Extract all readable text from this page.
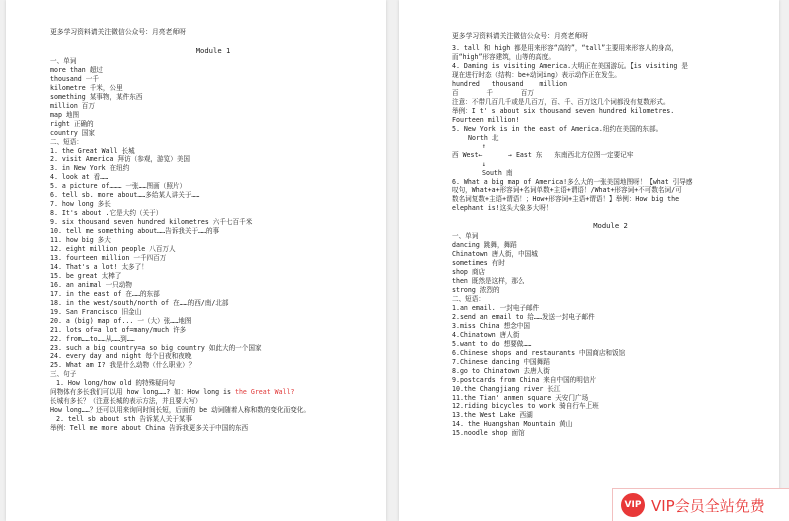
更多学习资料请关注微信公众号：月亮老师呀
Module 1
一、单词
more than 超过
thousand 一千
kilometre 千米，公里
something 某事物，某件东西
million 百万
map 地图
right 正确的
country 国家
二、短语：
1. the Great Wall 长城
2. visit America 拜访（参观，游览）美国
3. in New York 在纽约
4. look at 看……
5. a picture of……… 一张……图画（照片）
6. tell sb. more about……多给某人讲关于……
7. how long 多长
8. It's about .它是大约（关于）
9. six thousand seven hundred kilometres 六千七百千米
10. tell me something about……告诉我关于……的事
11. how big 多大
12. eight million people 八百万人
13. fourteen million 一千四百万
14. That's a lot! 太多了！
15. be great 太棒了
16. an animal 一只动物
17. in the east of 在……的东部
18. in the west/south/north of 在……的西/南/北部
19. San Francisco 旧金山
20. a (big) map of... 一（大）张……地图
21. lots of=a lot of=many/much 许多
22. from……to……从……到……
23. such a big country=a so big country 如此大的一个国家
24. every day and night 每个日夜和夜晚
25. What am I? 我是什么动物（什么职业）？
三、句子
1. How long/how old 的特殊疑问句
问物体有多长我们可以用 how long……? 如：How long is the Great Wall?
长城有多长？（注意长城的表示方法，并且要大写）
How long……？还可以用来询问时间长短，后面的 be 动词随着人称和数的变化而变化。
2. tell sb about sth 告诉某人关于某事
举例：Tell me more about China 告诉我更多关于中国的东西
更多学习资料请关注微信公众号：月亮老师呀
3. tall 和 high 都是用来形容“高的”，“tall”主要用来形容人的身高，
而“high”形容建筑，山等的高度。
4. Daming is visiting America.大明正在美国游玩。【is visiting 是
现在进行时态（结构：be+动词ing）表示动作正在发生。
hundred   thousand    million
百       千       百万
注意：不带几百几千或是几百万，百、千、百万这几个词都没有复数形式。
举例：I t' s about six thousand seven hundred kilometres.
Fourteen million!
5. New York is in the east of America.纽约在美国的东部。
North 北
↑
西 West←	→ East 东   东南西北方位图一定要记牢
↓
South 南
6. What a big map of America!多么大的一张美国地图呀！【what 引导感
叹句，What+a+形容词+名词单数+主语+谓语！/What+形容词+不可数名词/可
数名词复数+主语+谓语！；How+形容词+主语+谓语！】举例：How big the
elephant is!这头大象多大呀！
Module 2
一、单词
dancing 跳舞，舞蹈
Chinatown 唐人街，中国城
sometimes 有时
shop 商店
then 既然是这样，那么
strong 浓烈的
二、短语：
1.an email. 一封电子邮件
2.send an email to 给……发送一封电子邮件
3.miss China 想念中国
4.Chinatown 唐人街
5.want to do 想要做……
6.Chinese shops and restaurants 中国商店和饭馆
7.Chinese dancing 中国舞蹈
8.go to Chinatown 去唐人街
9.postcards from China 来自中国的明信片
10.the Changjiang river 长江
11.the Tian' anmen square 天安门广场_
12.riding bicycles to work 骑自行车上班
13.the West Lake 西湖
14. the Huangshan Mountain 黄山
15.noodle shop 面馆
VIP VIP会员全站免费
